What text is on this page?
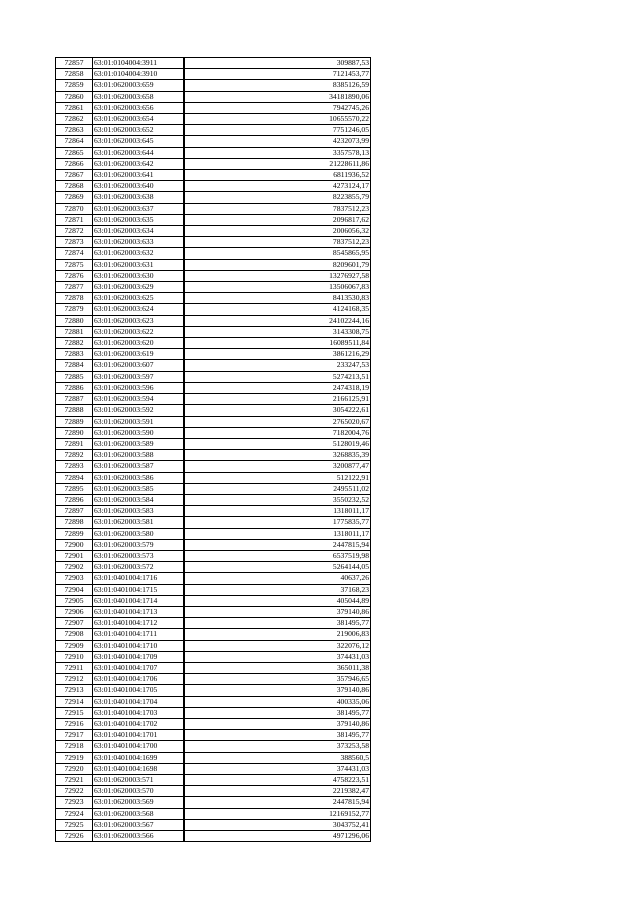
72857	63:01:0104004:3911	309887,53
72858	63:01:0104004:3910	7121453,77
72859	63:01:0620003:659	8385126,59
72860	63:01:0620003:658	34181890,06
72861	63:01:0620003:656	7942745,26
72862	63:01:0620003:654	10655570,22
72863	63:01:0620003:652	7751246,05
72864	63:01:0620003:645	4232073,99
72865	63:01:0620003:644	3357578,13
72866	63:01:0620003:642	21228611,86
72867	63:01:0620003:641	6811936,52
72868	63:01:0620003:640	4273124,17
72869	63:01:0620003:638	8223855,79
72870	63:01:0620003:637	7837512,23
72871	63:01:0620003:635	2096817,62
72872	63:01:0620003:634	2006056,32
72873	63:01:0620003:633	7837512,23
72874	63:01:0620003:632	8545865,95
72875	63:01:0620003:631	8209601,79
72876	63:01:0620003:630	13276927,58
72877	63:01:0620003:629	13506067,83
72878	63:01:0620003:625	8413530,83
72879	63:01:0620003:624	4124168,35
72880	63:01:0620003:623	24102244,16
72881	63:01:0620003:622	3143308,75
72882	63:01:0620003:620	16089511,84
72883	63:01:0620003:619	3861216,29
72884	63:01:0620003:607	233247,53
72885	63:01:0620003:597	5274213,51
72886	63:01:0620003:596	2474318,19
72887	63:01:0620003:594	2166125,91
72888	63:01:0620003:592	3054222,61
72889	63:01:0620003:591	2765020,67
72890	63:01:0620003:590	7182004,76
72891	63:01:0620003:589	5128019,46
72892	63:01:0620003:588	3268835,39
72893	63:01:0620003:587	3200877,47
72894	63:01:0620003:586	512122,91
72895	63:01:0620003:585	2495511,02
72896	63:01:0620003:584	3550232,52
72897	63:01:0620003:583	1318011,17
72898	63:01:0620003:581	1775835,77
72899	63:01:0620003:580	1318011,17
72900	63:01:0620003:579	2447815,94
72901	63:01:0620003:573	6537519,98
72902	63:01:0620003:572	5264144,05
72903	63:01:0401004:1716	40637,26
72904	63:01:0401004:1715	37168,23
72905	63:01:0401004:1714	405044,89
72906	63:01:0401004:1713	379140,86
72907	63:01:0401004:1712	381495,77
72908	63:01:0401004:1711	219006,83
72909	63:01:0401004:1710	322076,12
72910	63:01:0401004:1709	374431,03
72911	63:01:0401004:1707	365011,38
72912	63:01:0401004:1706	357946,65
72913	63:01:0401004:1705	379140,86
72914	63:01:0401004:1704	400335,06
72915	63:01:0401004:1703	381495,77
72916	63:01:0401004:1702	379140,86
72917	63:01:0401004:1701	381495,77
72918	63:01:0401004:1700	373253,58
72919	63:01:0401004:1699	388560,5
72920	63:01:0401004:1698	374431,03
72921	63:01:0620003:571	4758223,51
72922	63:01:0620003:570	2219382,47
72923	63:01:0620003:569	2447815,94
72924	63:01:0620003:568	12169152,77
72925	63:01:0620003:567	3043752,41
72926	63:01:0620003:566	4971296,06
